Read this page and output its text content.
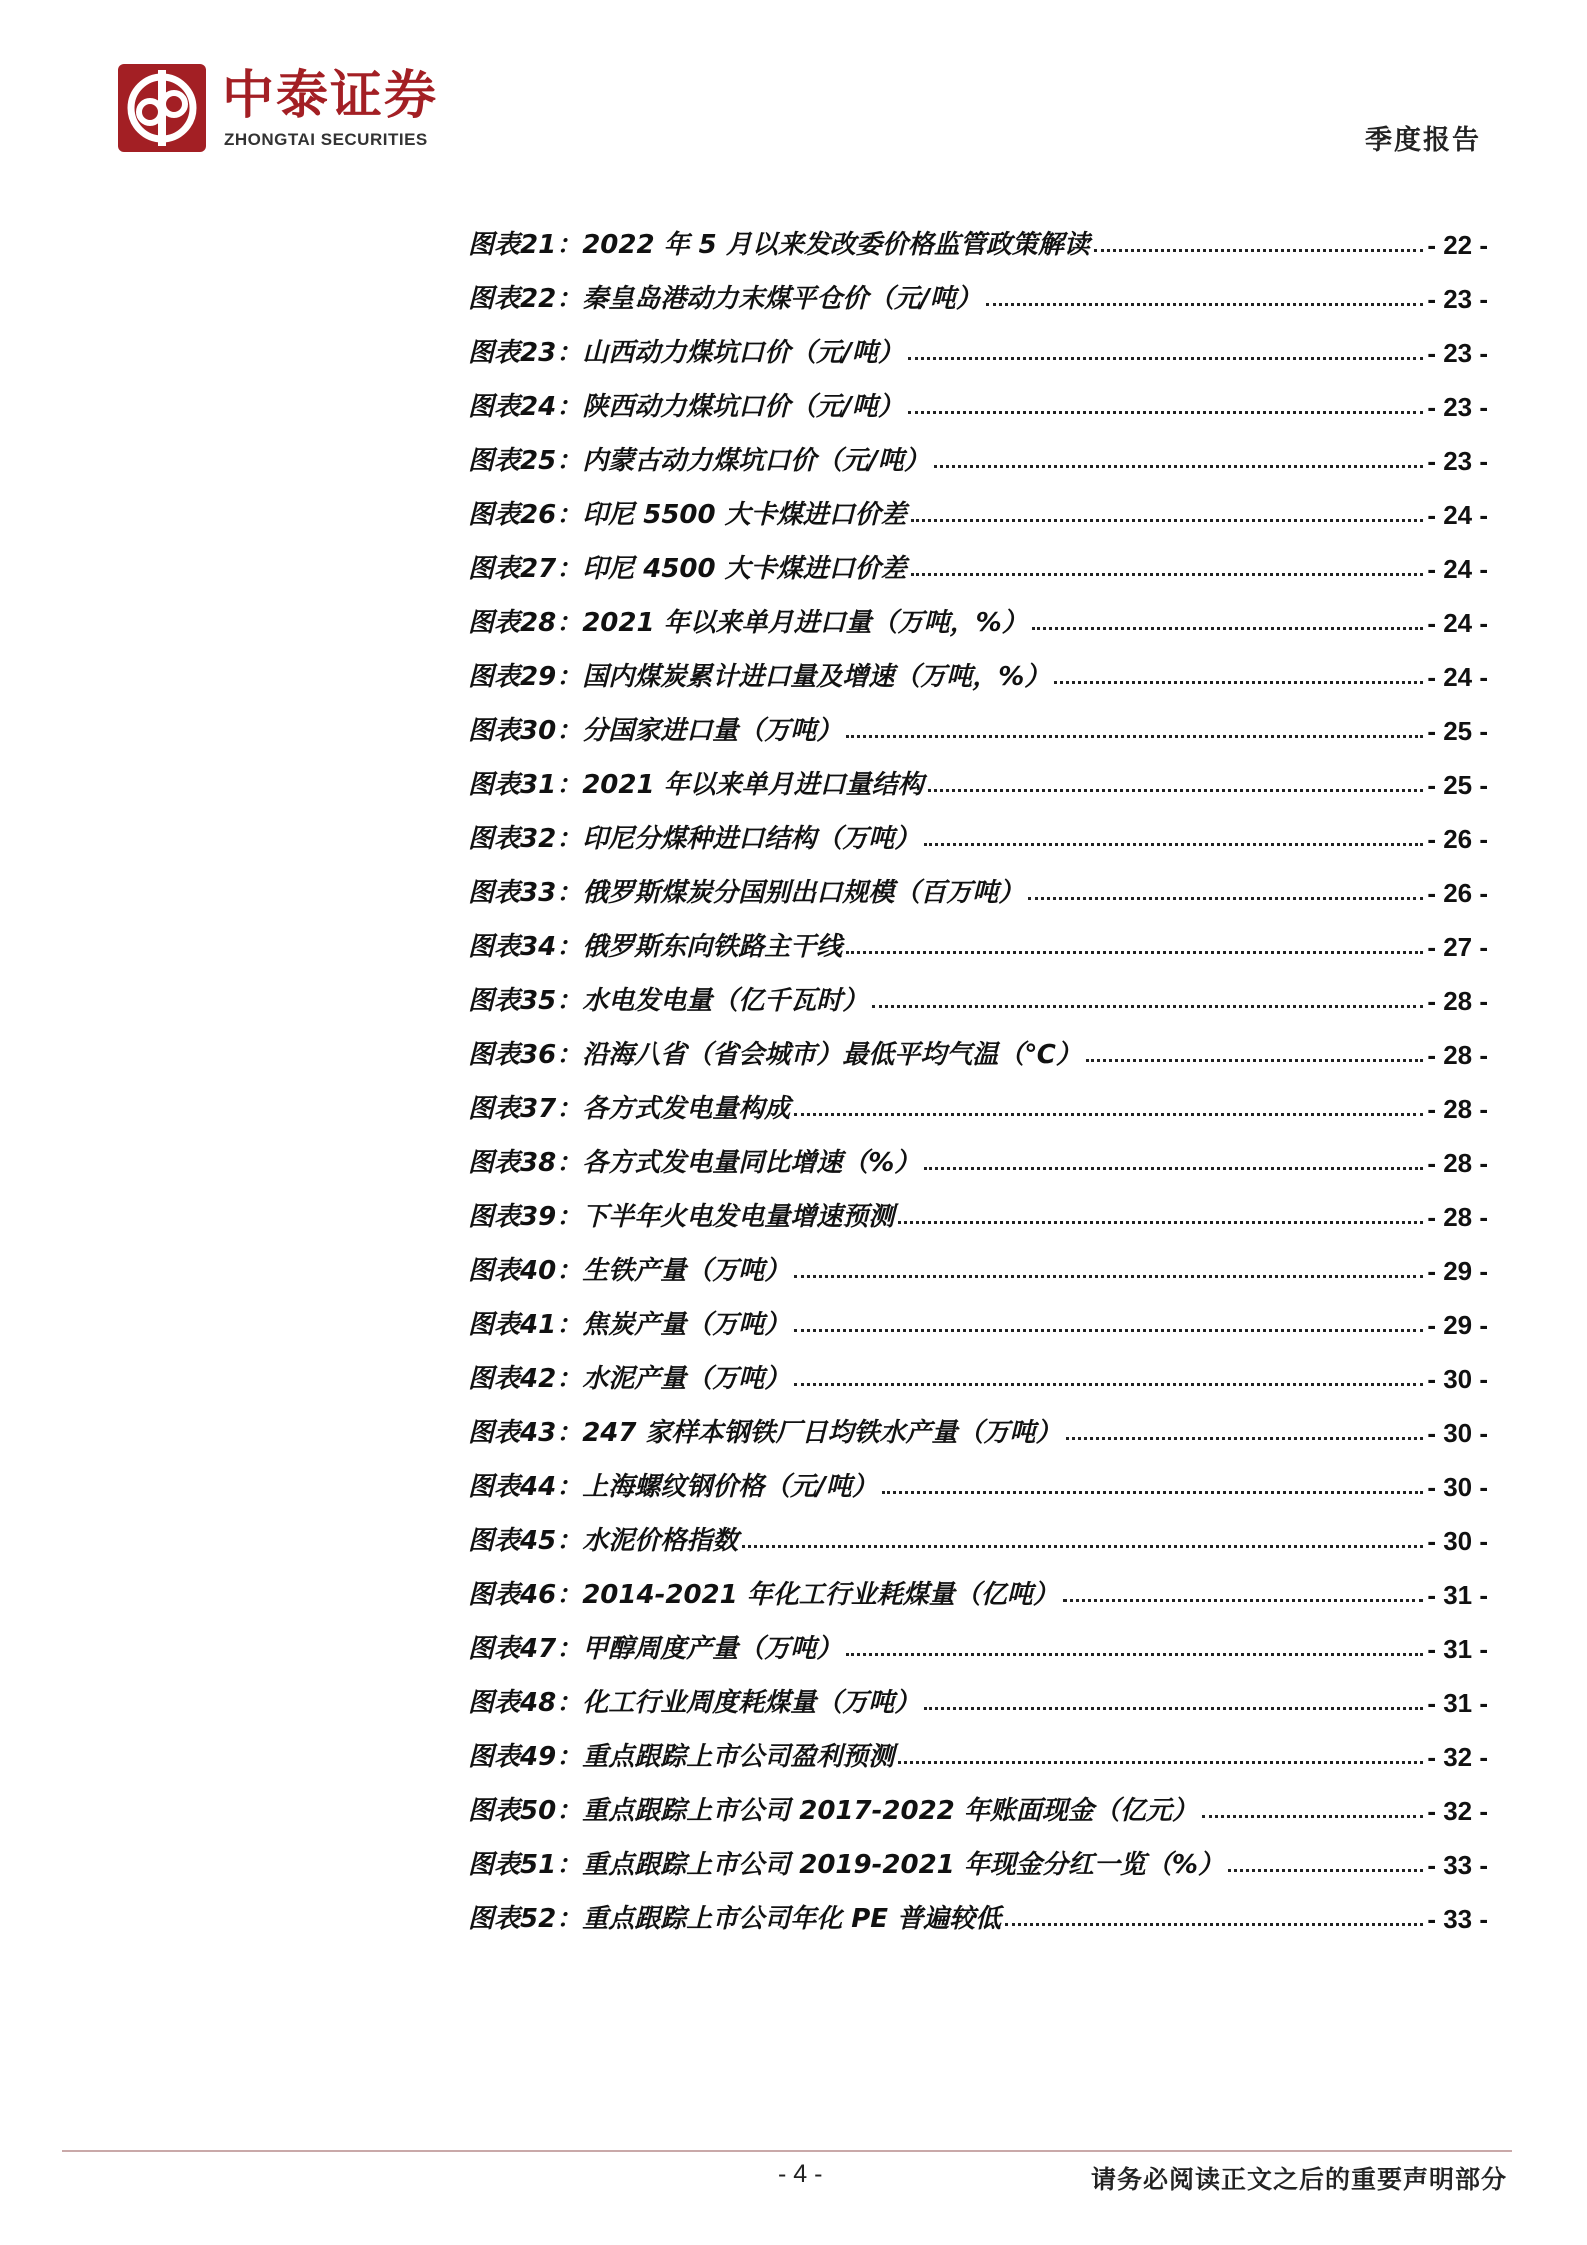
中泰证券
ZHONGTAI SECURITIES	季度报告
图表 21： 2022 年 5 月以来发改委价格监管政策解读	- 22 -
图表 22： 秦皇岛港动力末煤平仓价（元/吨）	- 23 -
图表 23： 山西动力煤坑口价（元/吨）	- 23 -
图表 24： 陕西动力煤坑口价（元/吨）	- 23 -
图表 25： 内蒙古动力煤坑口价（元/吨）	- 23 -
图表 26： 印尼 5500 大卡煤进口价差	- 24 -
图表 27： 印尼 4500 大卡煤进口价差	- 24 -
图表 28： 2021 年以来单月进口量（万吨，%）	- 24 -
图表 29： 国内煤炭累计进口量及增速（万吨，%）	- 24 -
图表 30： 分国家进口量（万吨）	- 25 -
图表 31： 2021 年以来单月进口量结构	- 25 -
图表 32： 印尼分煤种进口结构（万吨）	- 26 -
图表 33： 俄罗斯煤炭分国别出口规模（百万吨）	- 26 -
图表 34： 俄罗斯东向铁路主干线	- 27 -
图表 35： 水电发电量（亿千瓦时）	- 28 -
图表 36： 沿海八省（省会城市）最低平均气温（℃）	- 28 -
图表 37： 各方式发电量构成	- 28 -
图表 38： 各方式发电量同比增速（%）	- 28 -
图表 39： 下半年火电发电量增速预测	- 28 -
图表 40： 生铁产量（万吨）	- 29 -
图表 41： 焦炭产量（万吨）	- 29 -
图表 42： 水泥产量（万吨）	- 30 -
图表 43： 247 家样本钢铁厂日均铁水产量（万吨）	- 30 -
图表 44： 上海螺纹钢价格（元/吨）	- 30 -
图表 45： 水泥价格指数	- 30 -
图表 46： 2014-2021 年化工行业耗煤量（亿吨）	- 31 -
图表 47： 甲醇周度产量（万吨）	- 31 -
图表 48： 化工行业周度耗煤量（万吨）	- 31 -
图表 49： 重点跟踪上市公司盈利预测	- 32 -
图表 50： 重点跟踪上市公司 2017-2022 年账面现金（亿元）	- 32 -
图表 51： 重点跟踪上市公司 2019-2021 年现金分红一览（%）	- 33 -
图表 52： 重点跟踪上市公司年化 PE 普遍较低	- 33 -
- 4 -	请务必阅读正文之后的重要声明部分
